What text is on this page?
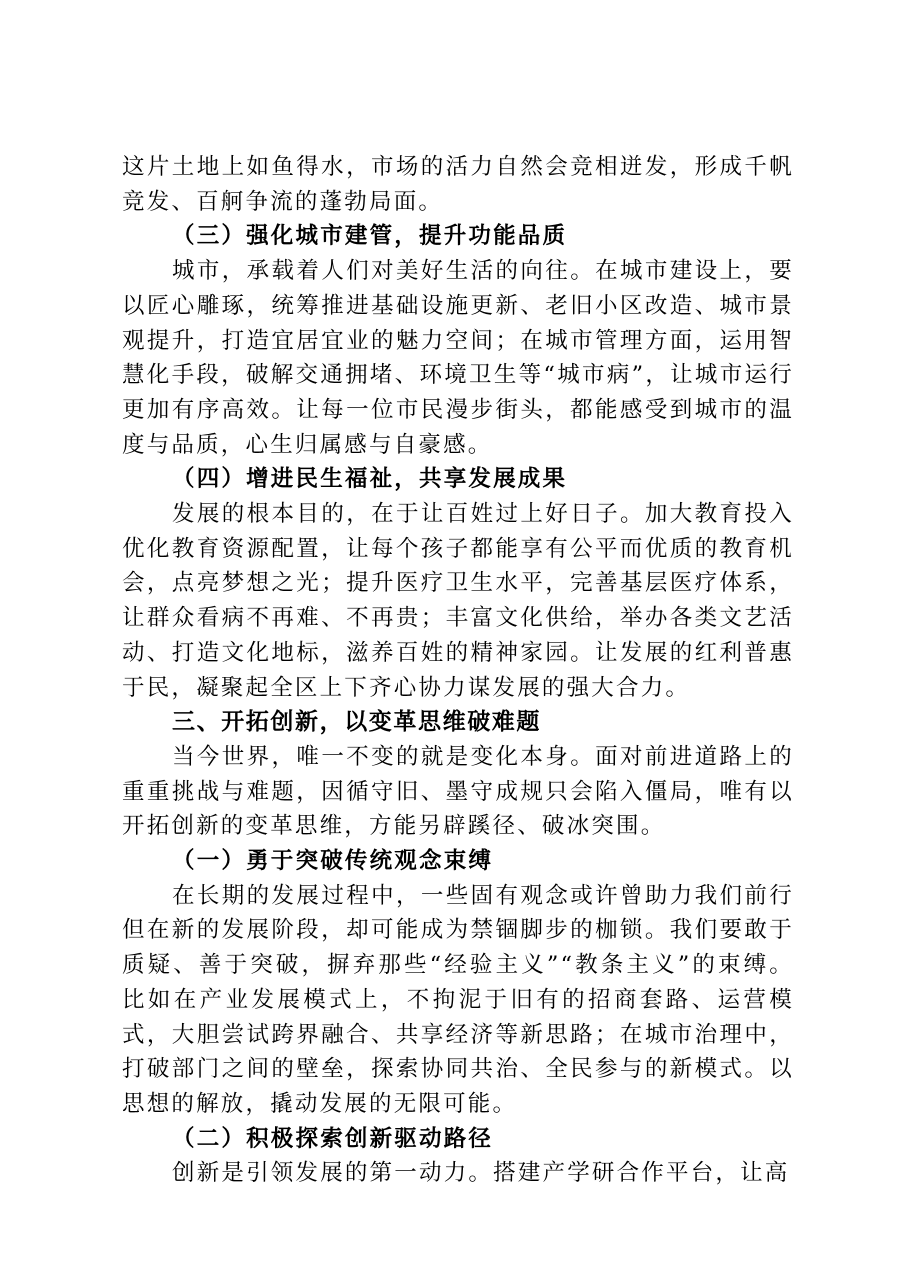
这片土地上如鱼得水，市场的活力自然会竞相迸发，形成千帆竞发、百舸争流的蓬勃局面。

（三）强化城市建管，提升功能品质

城市，承载着人们对美好生活的向往。在城市建设上，要以匠心雕琢，统筹推进基础设施更新、老旧小区改造、城市景观提升，打造宜居宜业的魅力空间；在城市管理方面，运用智慧化手段，破解交通拥堵、环境卫生等“城市病”，让城市运行更加有序高效。让每一位市民漫步街头，都能感受到城市的温度与品质，心生归属感与自豪感。

（四）增进民生福祉，共享发展成果

发展的根本目的，在于让百姓过上好日子。加大教育投入优化教育资源配置，让每个孩子都能享有公平而优质的教育机会，点亮梦想之光；提升医疗卫生水平，完善基层医疗体系，让群众看病不再难、不再贵；丰富文化供给，举办各类文艺活动、打造文化地标，滋养百姓的精神家园。让发展的红利普惠于民，凝聚起全区上下齐心协力谋发展的强大合力。

三、开拓创新，以变革思维破难题

当今世界，唯一不变的就是变化本身。面对前进道路上的重重挑战与难题，因循守旧、墨守成规只会陷入僵局，唯有以开拓创新的变革思维，方能另辟蹊径、破冰突围。

（一）勇于突破传统观念束缚

在长期的发展过程中，一些固有观念或许曾助力我们前行但在新的发展阶段，却可能成为禁锢脚步的枷锁。我们要敢于质疑、善于突破，摒弃那些“经验主义”“教条主义”的束缚。比如在产业发展模式上，不拘泥于旧有的招商套路、运营模式，大胆尝试跨界融合、共享经济等新思路；在城市治理中，打破部门之间的壁垒，探索协同共治、全民参与的新模式。以思想的解放，撬动发展的无限可能。

（二）积极探索创新驱动路径

创新是引领发展的第一动力。搭建产学研合作平台，让高
